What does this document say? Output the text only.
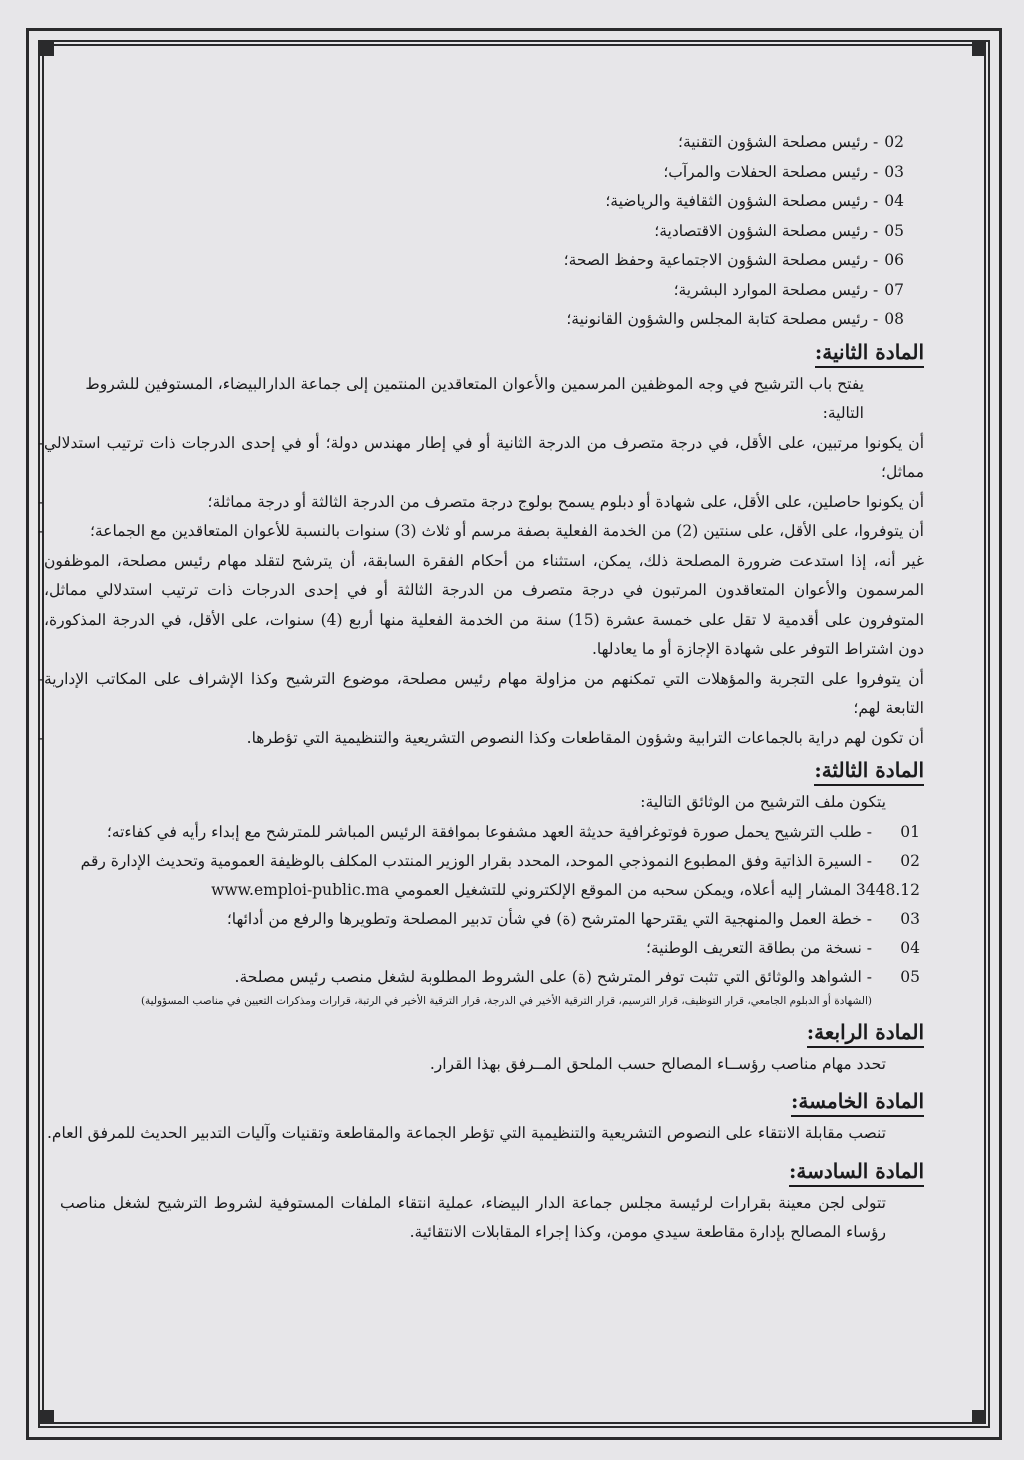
02- رئيس مصلحة الشؤون التقنية؛
03- رئيس مصلحة الحفلات والمرآب؛
04- رئيس مصلحة الشؤون الثقافية والرياضية؛
05- رئيس مصلحة الشؤون الاقتصادية؛
06- رئيس مصلحة الشؤون الاجتماعية وحفظ الصحة؛
07- رئيس مصلحة الموارد البشرية؛
08- رئيس مصلحة كتابة المجلس والشؤون القانونية؛
المادة الثانية:
يفتح باب الترشيح في وجه الموظفين المرسمين والأعوان المتعاقدين المنتمين إلى جماعة الدارالبيضاء، المستوفين للشروط التالية:
- أن يكونوا مرتبين، على الأقل، في درجة متصرف من الدرجة الثانية أو في إطار مهندس دولة؛ أو في إحدى الدرجات ذات ترتيب استدلالي مماثل؛
-	أن يكونوا حاصلين، على الأقل، على شهادة أو دبلوم يسمح بولوج درجة متصرف من الدرجة الثالثة أو درجة مماثلة؛
-	أن يتوفروا، على الأقل، على سنتين (2) من الخدمة الفعلية بصفة مرسم أو ثلاث (3) سنوات بالنسبة للأعوان المتعاقدين مع الجماعة؛
غير أنه، إذا استدعت ضرورة المصلحة ذلك، يمكن، استثناء من أحكام الفقرة السابقة، أن يترشح لتقلد مهام رئيس مصلحة، الموظفون المرسمون والأعوان المتعاقدون المرتبون في درجة متصرف من الدرجة الثالثة أو في إحدى الدرجات ذات ترتيب استدلالي مماثل، المتوفرون على أقدمية لا تقل على خمسة عشرة (15) سنة من الخدمة الفعلية منها أربع (4) سنوات، على الأقل، في الدرجة المذكورة، دون اشتراط التوفر على شهادة الإجازة أو ما يعادلها.
- أن يتوفروا على التجربة والمؤهلات التي تمكنهم من مزاولة مهام رئيس مصلحة، موضوع الترشيح وكذا الإشراف على المكاتب الإدارية التابعة لهم؛
-	أن تكون لهم دراية بالجماعات الترابية وشؤون المقاطعات وكذا النصوص التشريعية والتنظيمية التي تؤطرها.
المادة الثالثة:
يتكون ملف الترشيح من الوثائق التالية:
01- طلب الترشيح يحمل صورة فوتوغرافية حديثة العهد مشفوعا بموافقة الرئيس المباشر للمترشح مع إبداء رأيه في كفاءته؛
02- السيرة الذاتية وفق المطبوع النموذجي الموحد، المحدد بقرار الوزير المنتدب المكلف بالوظيفة العمومية وتحديث الإدارة رقم 3448.12 المشار إليه أعلاه، ويمكن سحبه من الموقع الإلكتروني للتشغيل العمومي www.emploi-public.ma
03- خطة العمل والمنهجية التي يقترحها المترشح (ة) في شأن تدبير المصلحة وتطويرها والرفع من أدائها؛
04- نسخة من بطاقة التعريف الوطنية؛
05- الشواهد والوثائق التي تثبت توفر المترشح (ة) على الشروط المطلوبة لشغل منصب رئيس مصلحة.
(الشهادة أو الدبلوم الجامعي، قرار التوظيف، قرار الترسيم، قرار الترقية الأخير في الدرجة، قرار الترقية الأخير في الرتبة، قرارات ومذكرات التعيين في مناصب المسؤولية)
المادة الرابعة:
تحدد مهام مناصب رؤســاء المصالح حسب الملحق المــرفق بهذا القرار.
المادة الخامسة:
تنصب مقابلة الانتقاء على النصوص التشريعية والتنظيمية التي تؤطر الجماعة والمقاطعة وتقنيات وآليات التدبير الحديث للمرفق العام.
المادة السادسة:
تتولى لجن معينة بقرارات لرئيسة مجلس جماعة الدار البيضاء، عملية انتقاء الملفات المستوفية لشروط الترشيح لشغل مناصب رؤساء المصالح بإدارة مقاطعة سيدي مومن، وكذا إجراء المقابلات الانتقائية.
